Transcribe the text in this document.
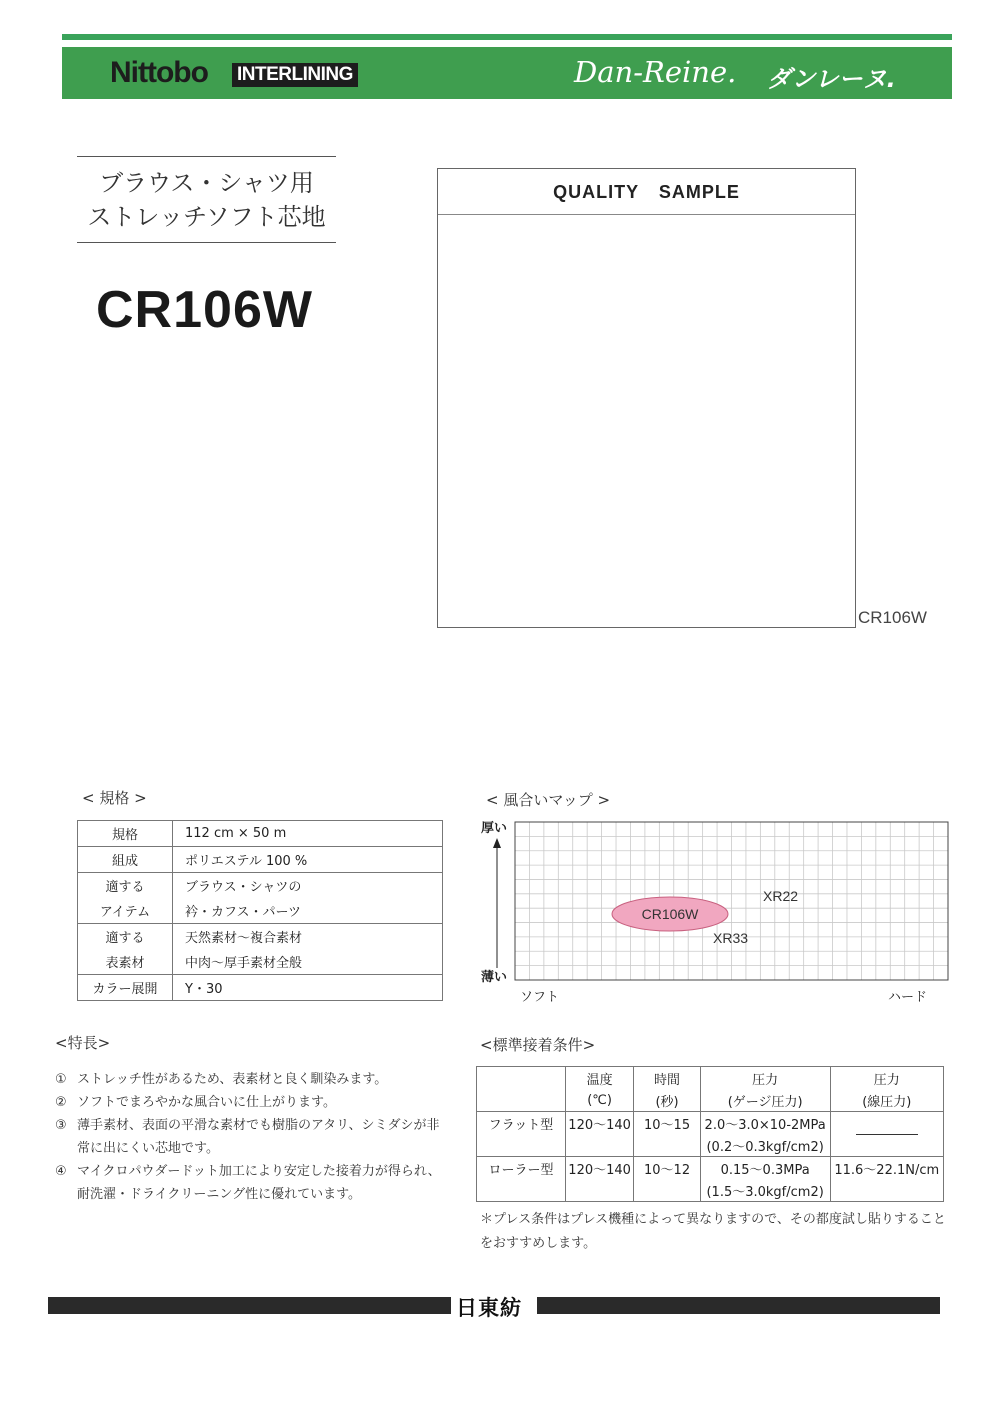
Nittobo INTERLINING	Dan-Reine. ダンレーヌ.
ブラウス・シャツ用
ストレッチソフト芯地
CR106W
QUALITY SAMPLE
CR106W
< 規格 >
規格	112 cm × 50 m
組成	ポリエステル 100 %
適する	ブラウス・シャツの
アイテム	衿・カフス・パーツ
適する	天然素材～複合素材
表素材	中肉～厚手素材全般
カラー展開	Y・30
< 風合いマップ >
CR106W
XR22
XR33
厚い
薄い
ソフト	ハード
<特長>
① ストレッチ性があるため、表素材と良く馴染みます。
② ソフトでまろやかな風合いに仕上がります。
③ 薄手素材、表面の平滑な素材でも樹脂のアタリ、シミダシが非常に出にくい芯地です。
④ マイクロパウダードット加工により安定した接着力が得られ、耐洗濯・ドライクリーニング性に優れています。
<標準接着条件>
	温度	時間	圧力	圧力
	(℃)	(秒)	(ゲージ圧力)	(線圧力)
フラット型	120～140	10～15	2.0～3.0×10-2MPa	
			(0.2～0.3kgf/cm2)	
ローラー型	120～140	10～12	0.15～0.3MPa	11.6～22.1N/cm
			(1.5～3.0kgf/cm2)	
＊プレス条件はプレス機種によって異なりますので、その都度試し貼りすることをおすすめします。
日東紡
